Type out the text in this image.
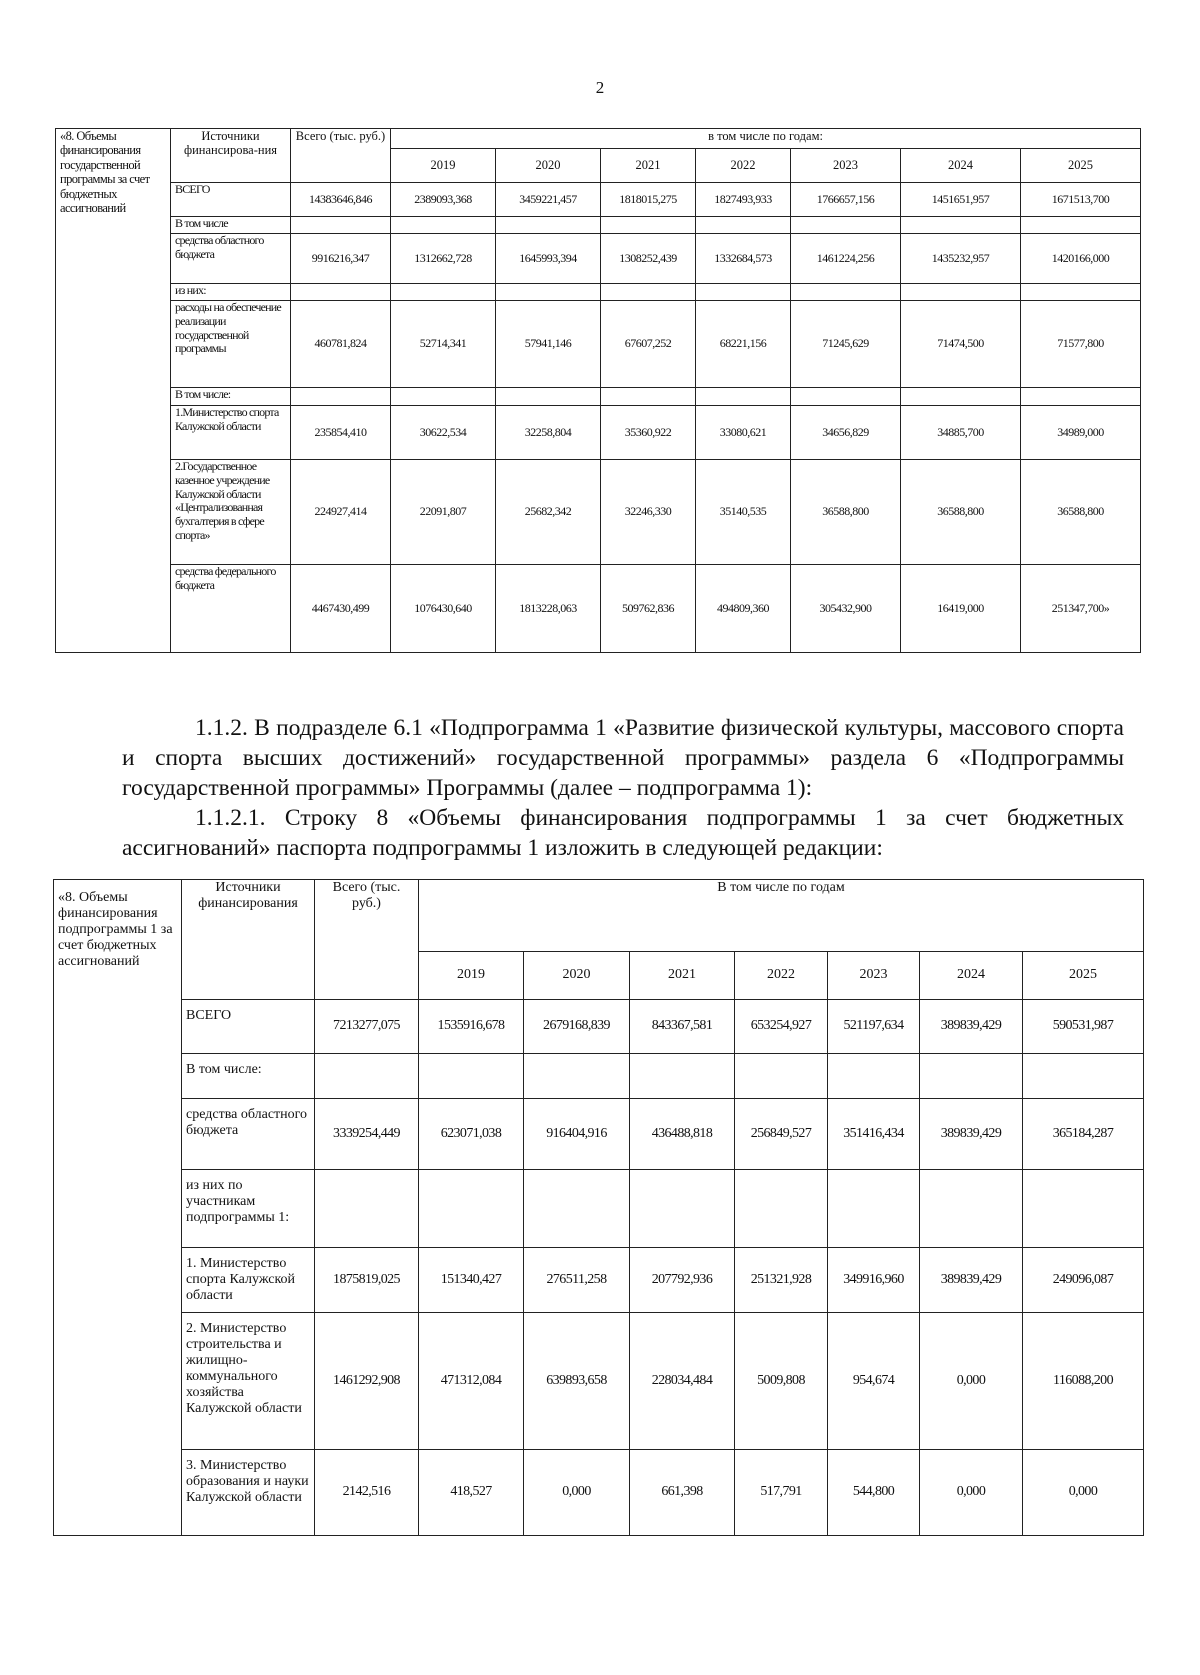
2
«8. Объемы финансирования государственной программы за счет бюджетных ассигнований	Источники финансирова-ния	Всего (тыс. руб.)	в том числе по годам:						
			2019	2020	2021	2022	2023	2024	2025
	ВСЕГО	14383646,846	2389093,368	3459221,457	1818015,275	1827493,933	1766657,156	1451651,957	1671513,700
	В том числе								
	средства областного бюджета	9916216,347	1312662,728	1645993,394	1308252,439	1332684,573	1461224,256	1435232,957	1420166,000
	из них:								
	расходы на обеспечение реализации государственной программы	460781,824	52714,341	57941,146	67607,252	68221,156	71245,629	71474,500	71577,800
	В том числе:								
	1.Министерство спорта Калужской области	235854,410	30622,534	32258,804	35360,922	33080,621	34656,829	34885,700	34989,000
	2.Государственное казенное учреждение Калужской области «Централизованная бухгалтерия в сфере спорта»	224927,414	22091,807	25682,342	32246,330	35140,535	36588,800	36588,800	36588,800
	средства федерального бюджета	4467430,499	1076430,640	1813228,063	509762,836	494809,360	305432,900	16419,000	251347,700»

1.1.2. В подразделе 6.1 «Подпрограмма 1 «Развитие физической культуры, массового спорта и спорта высших достижений» государственной программы» раздела 6 «Подпрограммы государственной программы» Программы (далее – подпрограмма 1):

1.1.2.1. Строку 8 «Объемы финансирования подпрограммы 1 за счет бюджетных ассигнований» паспорта подпрограммы 1 изложить в следующей редакции:

«8. Объемы финансирования подпрограммы 1 за счет бюджетных ассигнований	Источники финансирования	Всего (тыс. руб.)	В том числе по годам						
			2019	2020	2021	2022	2023	2024	2025
	ВСЕГО	7213277,075	1535916,678	2679168,839	843367,581	653254,927	521197,634	389839,429	590531,987
	В том числе:								
	средства областного бюджета	3339254,449	623071,038	916404,916	436488,818	256849,527	351416,434	389839,429	365184,287
	из них по участникам подпрограммы 1:								
	1. Министерство спорта Калужской области	1875819,025	151340,427	276511,258	207792,936	251321,928	349916,960	389839,429	249096,087
	2. Министерство строительства и жилищно-коммунального хозяйства Калужской области	1461292,908	471312,084	639893,658	228034,484	5009,808	954,674	0,000	116088,200
	3. Министерство образования и науки Калужской области	2142,516	418,527	0,000	661,398	517,791	544,800	0,000	0,000
